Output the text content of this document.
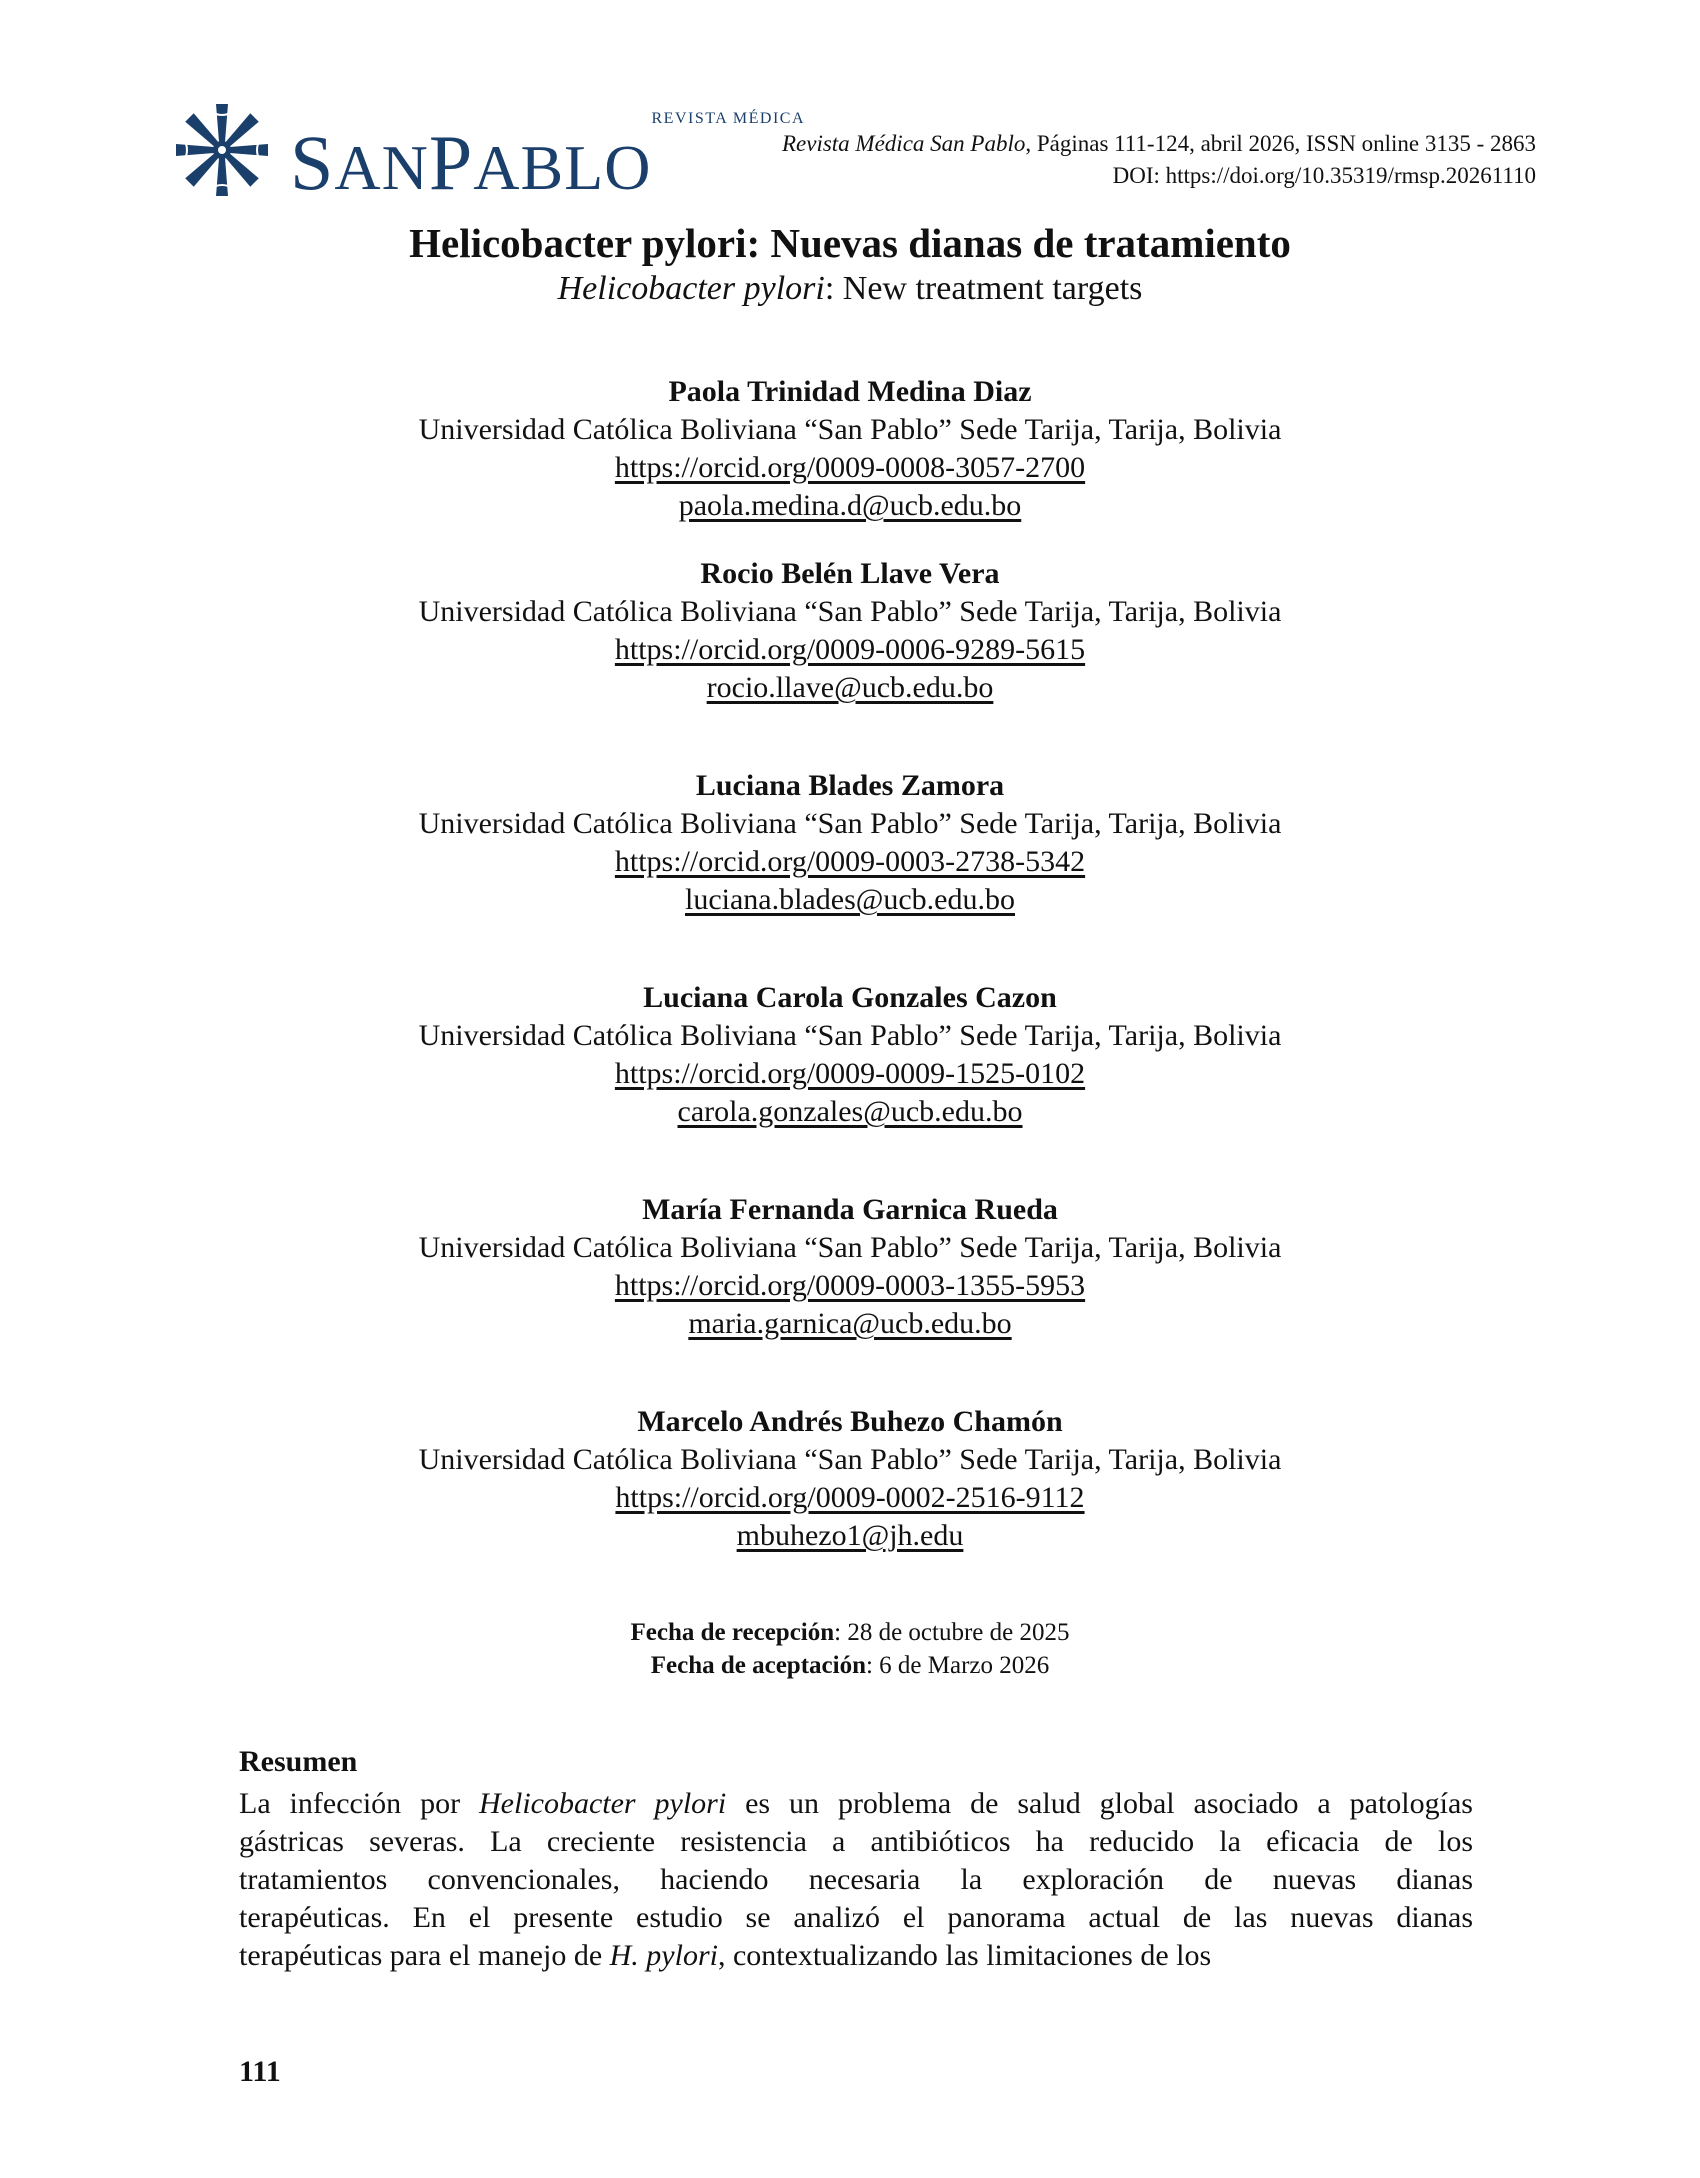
REVISTA MÉDICA
SANPABLO	Revista Médica San Pablo, Páginas 111-124, abril 2026, ISSN online 3135 - 2863
DOI: https://doi.org/10.35319/rmsp.20261110
Helicobacter pylori: Nuevas dianas de tratamiento
Helicobacter pylori: New treatment targets
Paola Trinidad Medina Diaz
Universidad Católica Boliviana “San Pablo” Sede Tarija, Tarija, Bolivia
https://orcid.org/0009-0008-3057-2700
paola.medina.d@ucb.edu.bo
Rocio Belén Llave Vera
Universidad Católica Boliviana “San Pablo” Sede Tarija, Tarija, Bolivia
https://orcid.org/0009-0006-9289-5615
rocio.llave@ucb.edu.bo
Luciana Blades Zamora
Universidad Católica Boliviana “San Pablo” Sede Tarija, Tarija, Bolivia
https://orcid.org/0009-0003-2738-5342
luciana.blades@ucb.edu.bo
Luciana Carola Gonzales Cazon
Universidad Católica Boliviana “San Pablo” Sede Tarija, Tarija, Bolivia
https://orcid.org/0009-0009-1525-0102
carola.gonzales@ucb.edu.bo
María Fernanda Garnica Rueda
Universidad Católica Boliviana “San Pablo” Sede Tarija, Tarija, Bolivia
https://orcid.org/0009-0003-1355-5953
maria.garnica@ucb.edu.bo
Marcelo Andrés Buhezo Chamón
Universidad Católica Boliviana “San Pablo” Sede Tarija, Tarija, Bolivia
https://orcid.org/0009-0002-2516-9112
mbuhezo1@jh.edu
Fecha de recepción: 28 de octubre de 2025
Fecha de aceptación: 6 de Marzo 2026
Resumen
La infección por Helicobacter pylori es un problema de salud global asociado a patologías
gástricas severas. La creciente resistencia a antibióticos ha reducido la eficacia de los
tratamientos convencionales, haciendo necesaria la exploración de nuevas dianas
terapéuticas. En el presente estudio se analizó el panorama actual de las nuevas dianas
terapéuticas para el manejo de H. pylori, contextualizando las limitaciones de los
111
